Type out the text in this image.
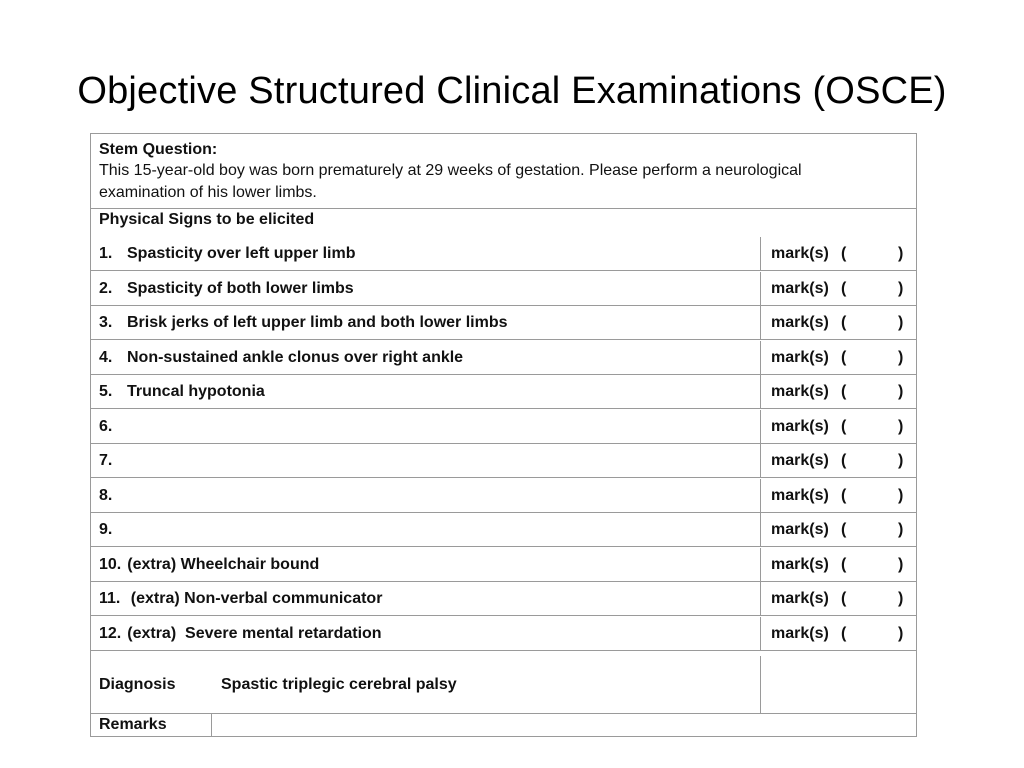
Objective Structured Clinical Examinations (OSCE)
Stem Question:
This 15-year-old boy was born prematurely at 29 weeks of gestation. Please perform a neurological
examination of his lower limbs.
Physical Signs to be elicited
1. Spasticity over left upper limb	mark(s) (	)
2. Spasticity of both lower limbs	mark(s) (	)
3. Brisk jerks of left upper limb and both lower limbs	mark(s) (	)
4. Non-sustained ankle clonus over right ankle	mark(s) (	)
5. Truncal hypotonia	mark(s) (	)
6.	mark(s) (	)
7.	mark(s) (	)
8.	mark(s) (	)
9.	mark(s) (	)
10. (extra) Wheelchair bound	mark(s) (	)
11. (extra) Non-verbal communicator	mark(s) (	)
12. (extra)  Severe mental retardation	mark(s) (	)
Diagnosis	Spastic triplegic cerebral palsy
Remarks
